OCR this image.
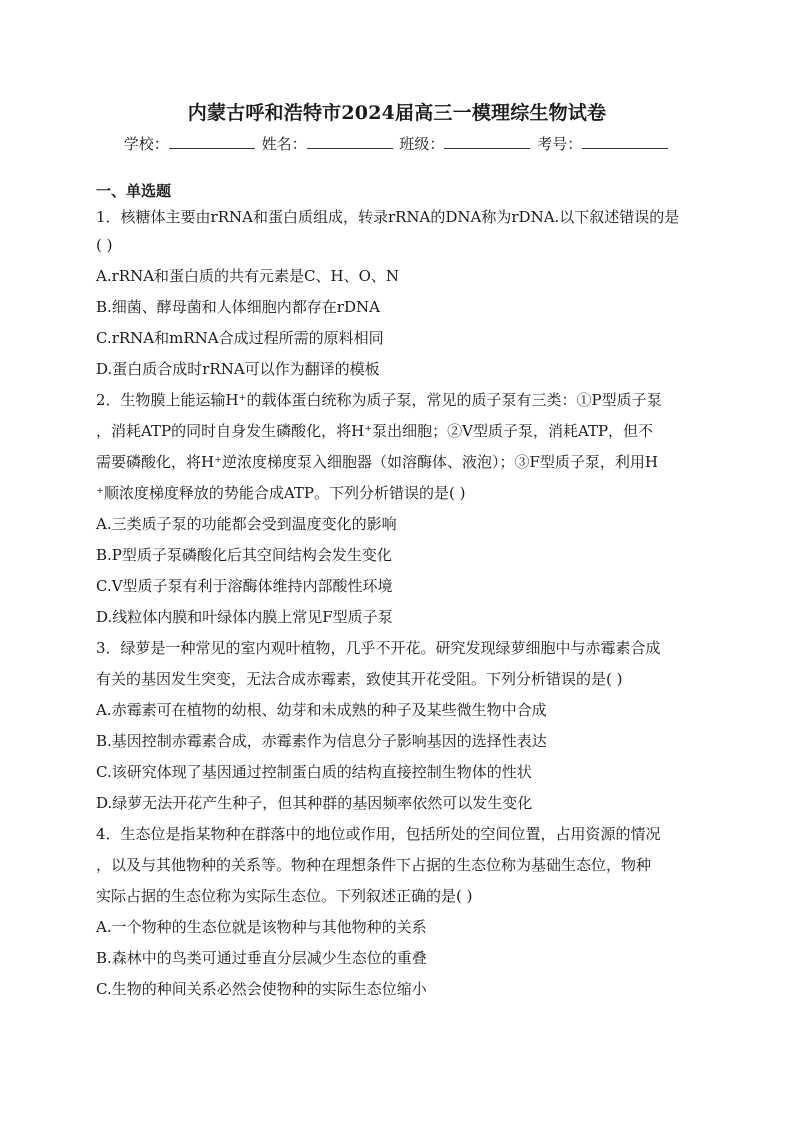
内蒙古呼和浩特市2024届高三一模理综生物试卷
学校：	姓名：	班级：	考号：
一、单选题

1．核糖体主要由rRNA和蛋白质组成，转录rRNA的DNA称为rDNA.以下叙述错误的是

( )

A.rRNA和蛋白质的共有元素是C、H、O、N

B.细菌、酵母菌和人体细胞内都存在rDNA

C.rRNA和mRNA合成过程所需的原料相同

D.蛋白质合成时rRNA可以作为翻译的模板

2．生物膜上能运输H⁺的载体蛋白统称为质子泵，常见的质子泵有三类：①P型质子泵

，消耗ATP的同时自身发生磷酸化，将H⁺泵出细胞；②V型质子泵，消耗ATP，但不

需要磷酸化，将H⁺逆浓度梯度泵入细胞器（如溶酶体、液泡）；③F型质子泵，利用H

⁺顺浓度梯度释放的势能合成ATP。下列分析错误的是( )

A.三类质子泵的功能都会受到温度变化的影响

B.P型质子泵磷酸化后其空间结构会发生变化

C.V型质子泵有利于溶酶体维持内部酸性环境

D.线粒体内膜和叶绿体内膜上常见F型质子泵

3．绿萝是一种常见的室内观叶植物，几乎不开花。研究发现绿萝细胞中与赤霉素合成

有关的基因发生突变，无法合成赤霉素，致使其开花受阻。下列分析错误的是( )

A.赤霉素可在植物的幼根、幼芽和未成熟的种子及某些微生物中合成

B.基因控制赤霉素合成，赤霉素作为信息分子影响基因的选择性表达

C.该研究体现了基因通过控制蛋白质的结构直接控制生物体的性状

D.绿萝无法开花产生种子，但其种群的基因频率依然可以发生变化

4．生态位是指某物种在群落中的地位或作用，包括所处的空间位置，占用资源的情况

，以及与其他物种的关系等。物种在理想条件下占据的生态位称为基础生态位，物种

实际占据的生态位称为实际生态位。下列叙述正确的是( )

A.一个物种的生态位就是该物种与其他物种的关系

B.森林中的鸟类可通过垂直分层减少生态位的重叠

C.生物的种间关系必然会使物种的实际生态位缩小
